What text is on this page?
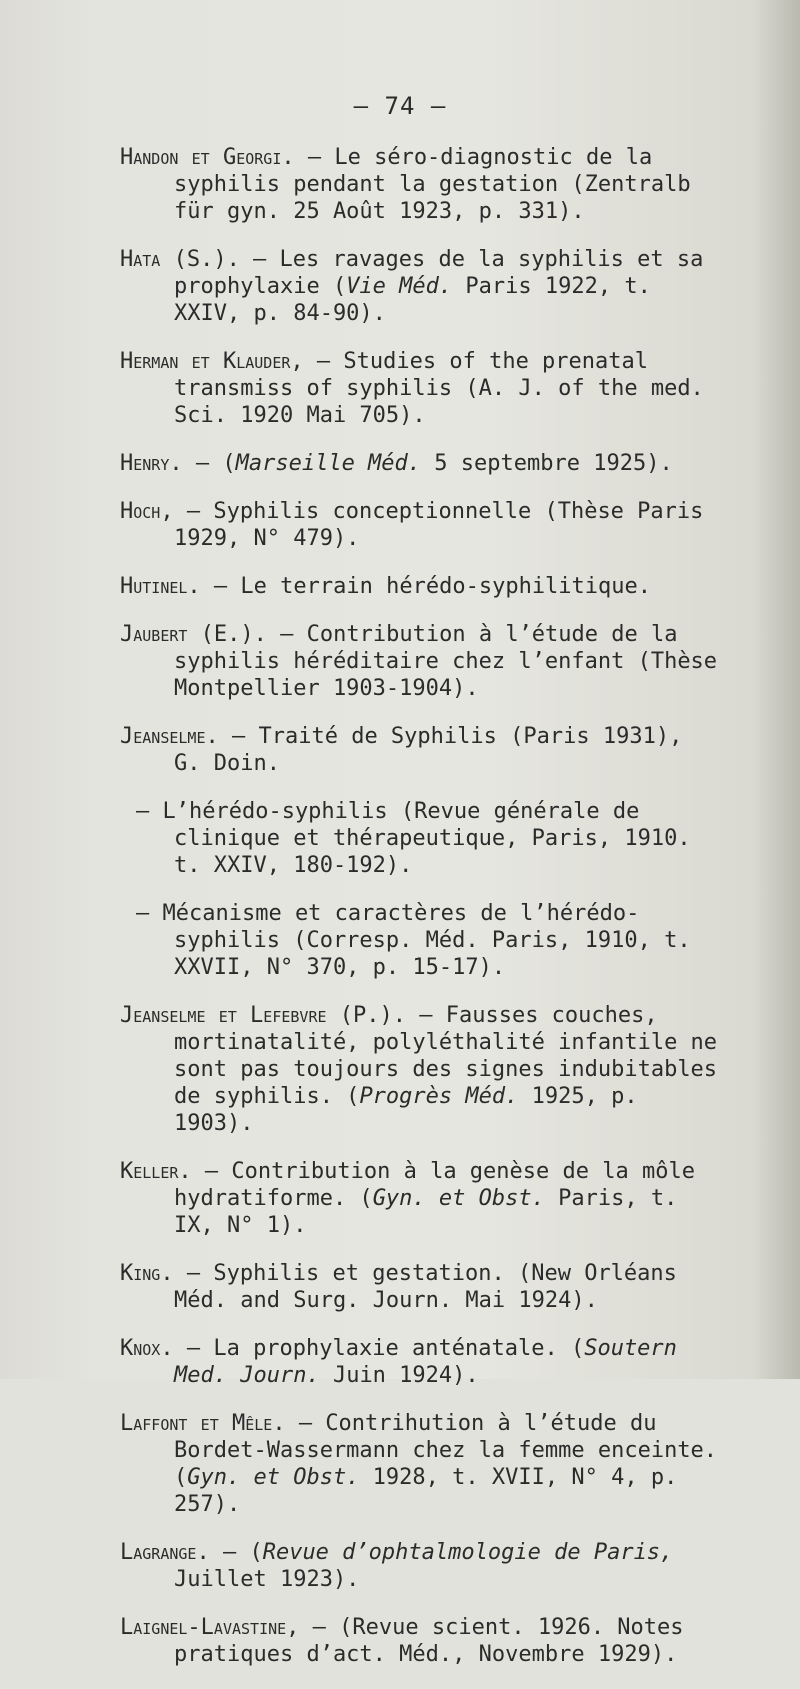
— 74 —
Handon et Georgi. — Le séro-diagnostic de la syphilis pendant la gestation (Zentralb für gyn. 25 Août 1923, p. 331).
Hata (S.). — Les ravages de la syphilis et sa prophylaxie (Vie Méd. Paris 1922, t. XXIV, p. 84-90).
Herman et Klauder, — Studies of the prenatal transmiss of syphilis (A. J. of the med. Sci. 1920 Mai 705).
Henry. — (Marseille Méd. 5 septembre 1925).
Hoch, — Syphilis conceptionnelle (Thèse Paris 1929, N° 479).
Hutinel. — Le terrain hérédo-syphilitique.
Jaubert (E.). — Contribution à l’étude de la syphilis héréditaire chez l’enfant (Thèse Montpellier 1903-1904).
Jeanselme. — Traité de Syphilis (Paris 1931), G. Doin.
— L’hérédo-syphilis (Revue générale de clinique et thérapeutique, Paris, 1910. t. XXIV, 180-192).
— Mécanisme et caractères de l’hérédo-syphilis (Corresp. Méd. Paris, 1910, t. XXVII, N° 370, p. 15-17).
Jeanselme et Lefebvre (P.). — Fausses couches, mortinatalité, polyléthalité infantile ne sont pas toujours des signes indubitables de syphilis. (Progrès Méd. 1925, p. 1903).
Keller. — Contribution à la genèse de la môle hydratiforme. (Gyn. et Obst. Paris, t. IX, N° 1).
King. — Syphilis et gestation. (New Orléans Méd. and Surg. Journ. Mai 1924).
Knox. — La prophylaxie anténatale. (Soutern Med. Journ. Juin 1924).
Laffont et Mêle. — Contrihution à l’étude du Bordet-Wassermann chez la femme enceinte. (Gyn. et Obst. 1928, t. XVII, N° 4, p. 257).
Lagrange. — (Revue d’ophtalmologie de Paris, Juillet 1923).
Laignel-Lavastine, — (Revue scient. 1926. Notes pratiques d’act. Méd., Novembre 1929).
